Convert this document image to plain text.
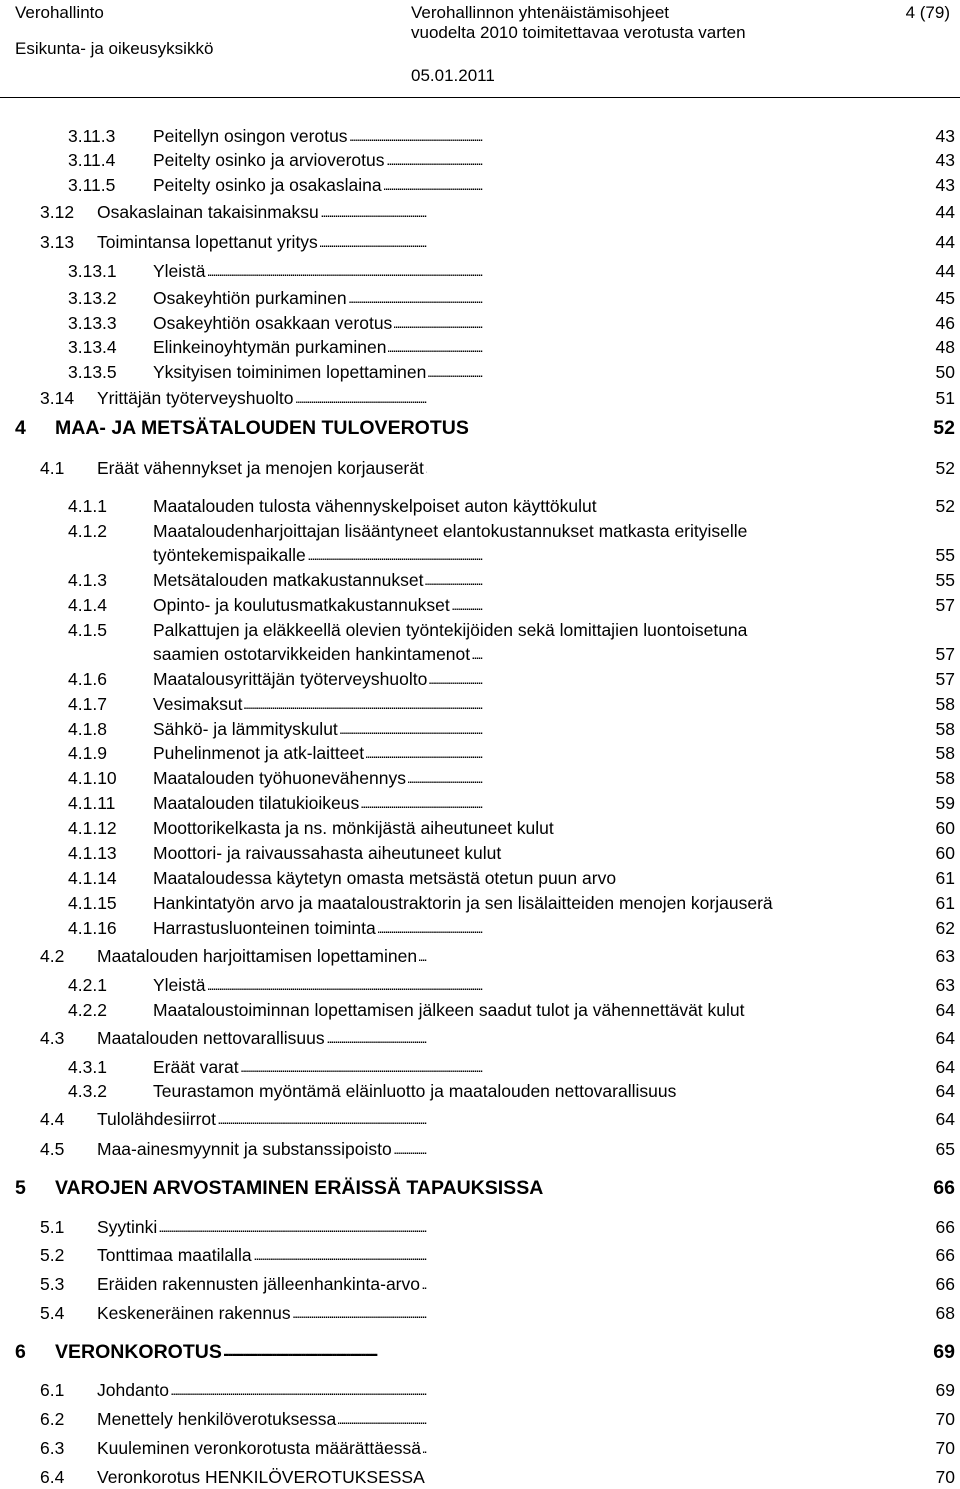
Verohallinto
Esikunta- ja oikeusyksikkö
Verohallinnon yhtenäistämisohjeet
vuodelta 2010 toimitettavaa verotusta varten
05.01.2011
4 (79)
3.11.3 Peitellyn osingon verotus . . .	43
3.11.4 Peitelty osinko ja arvioverotus . . .	43
3.11.5 Peitelty osinko ja osakaslaina . . .	43
3.12 Osakaslainan takaisinmaksu . . .	44
3.13 Toimintansa lopettanut yritys . . .	44
3.13.1 Yleistä . . .	44
3.13.2 Osakeyhtiön purkaminen . . .	45
3.13.3 Osakeyhtiön osakkaan verotus . . .	46
3.13.4 Elinkeinoyhtymän purkaminen . . .	48
3.13.5 Yksityisen toiminimen lopettaminen . . .	50
3.14 Yrittäjän työterveyshuolto . . .	51
4 MAA- JA METSÄTALOUDEN TULOVEROTUS . . .	52
4.1 Eräät vähennykset ja menojen korjauserät . . .	52
4.1.1	Maatalouden tulosta vähennyskelpoiset auton käyttökulut . . .	52
4.1.2	Maataloudenharjoittajan lisääntyneet elantokustannukset matkasta erityiselle
työntekemispaikalle . . .	55
4.1.3	Metsätalouden matkakustannukset . . .	55
4.1.4	Opinto- ja koulutusmatkakustannukset . . .	57
4.1.5	Palkattujen ja eläkkeellä olevien työntekijöiden sekä lomittajien luontoisetuna
saamien ostotarvikkeiden hankintamenot . . .	57
4.1.6	Maatalousyrittäjän työterveyshuolto . . .	57
4.1.7	Vesimaksut . . .	58
4.1.8	Sähkö- ja lämmityskulut . . .	58
4.1.9	Puhelinmenot ja atk-laitteet . . .	58
4.1.10 Maatalouden työhuonevähennys . . .	58
4.1.11 Maatalouden tilatukioikeus . . .	59
4.1.12 Moottorikelkasta ja ns. mönkijästä aiheutuneet kulut . . .	60
4.1.13 Moottori- ja raivaussahasta aiheutuneet kulut . . .	60
4.1.14 Maataloudessa käytetyn omasta metsästä otetun puun arvo . . .	61
4.1.15 Hankintatyön arvo ja maataloustraktorin ja sen lisälaitteiden menojen korjauserä . . .	61
4.1.16 Harrastusluonteinen toiminta . . .	62
4.2 Maatalouden harjoittamisen lopettaminen . . .	63
4.2.1	Yleistä . . .	63
4.2.2	Maataloustoiminnan lopettamisen jälkeen saadut tulot ja vähennettävät kulut . . .	64
4.3 Maatalouden nettovarallisuus . . .	64
4.3.1	Eräät varat . . .	64
4.3.2	Teurastamon myöntämä eläinluotto ja maatalouden nettovarallisuus . . .	64
4.4 Tulolähdesiirrot . . .	64
4.5 Maa-ainesmyynnit ja substanssipoisto . . .	65
5 VAROJEN ARVOSTAMINEN ERÄISSÄ TAPAUKSISSA . . .	66
5.1 Syytinki . . .	66
5.2 Tonttimaa maatilalla . . .	66
5.3 Eräiden rakennusten jälleenhankinta-arvo . . .	66
5.4 Keskeneräinen rakennus . . .	68
6 VERONKOROTUS . . .	69
6.1 Johdanto . . .	69
6.2 Menettely henkilöverotuksessa . . .	70
6.3 Kuuleminen veronkorotusta määrättäessä . . .	70
6.4 Veronkorotus HENKILÖVEROTUKSESSA . . .	70
